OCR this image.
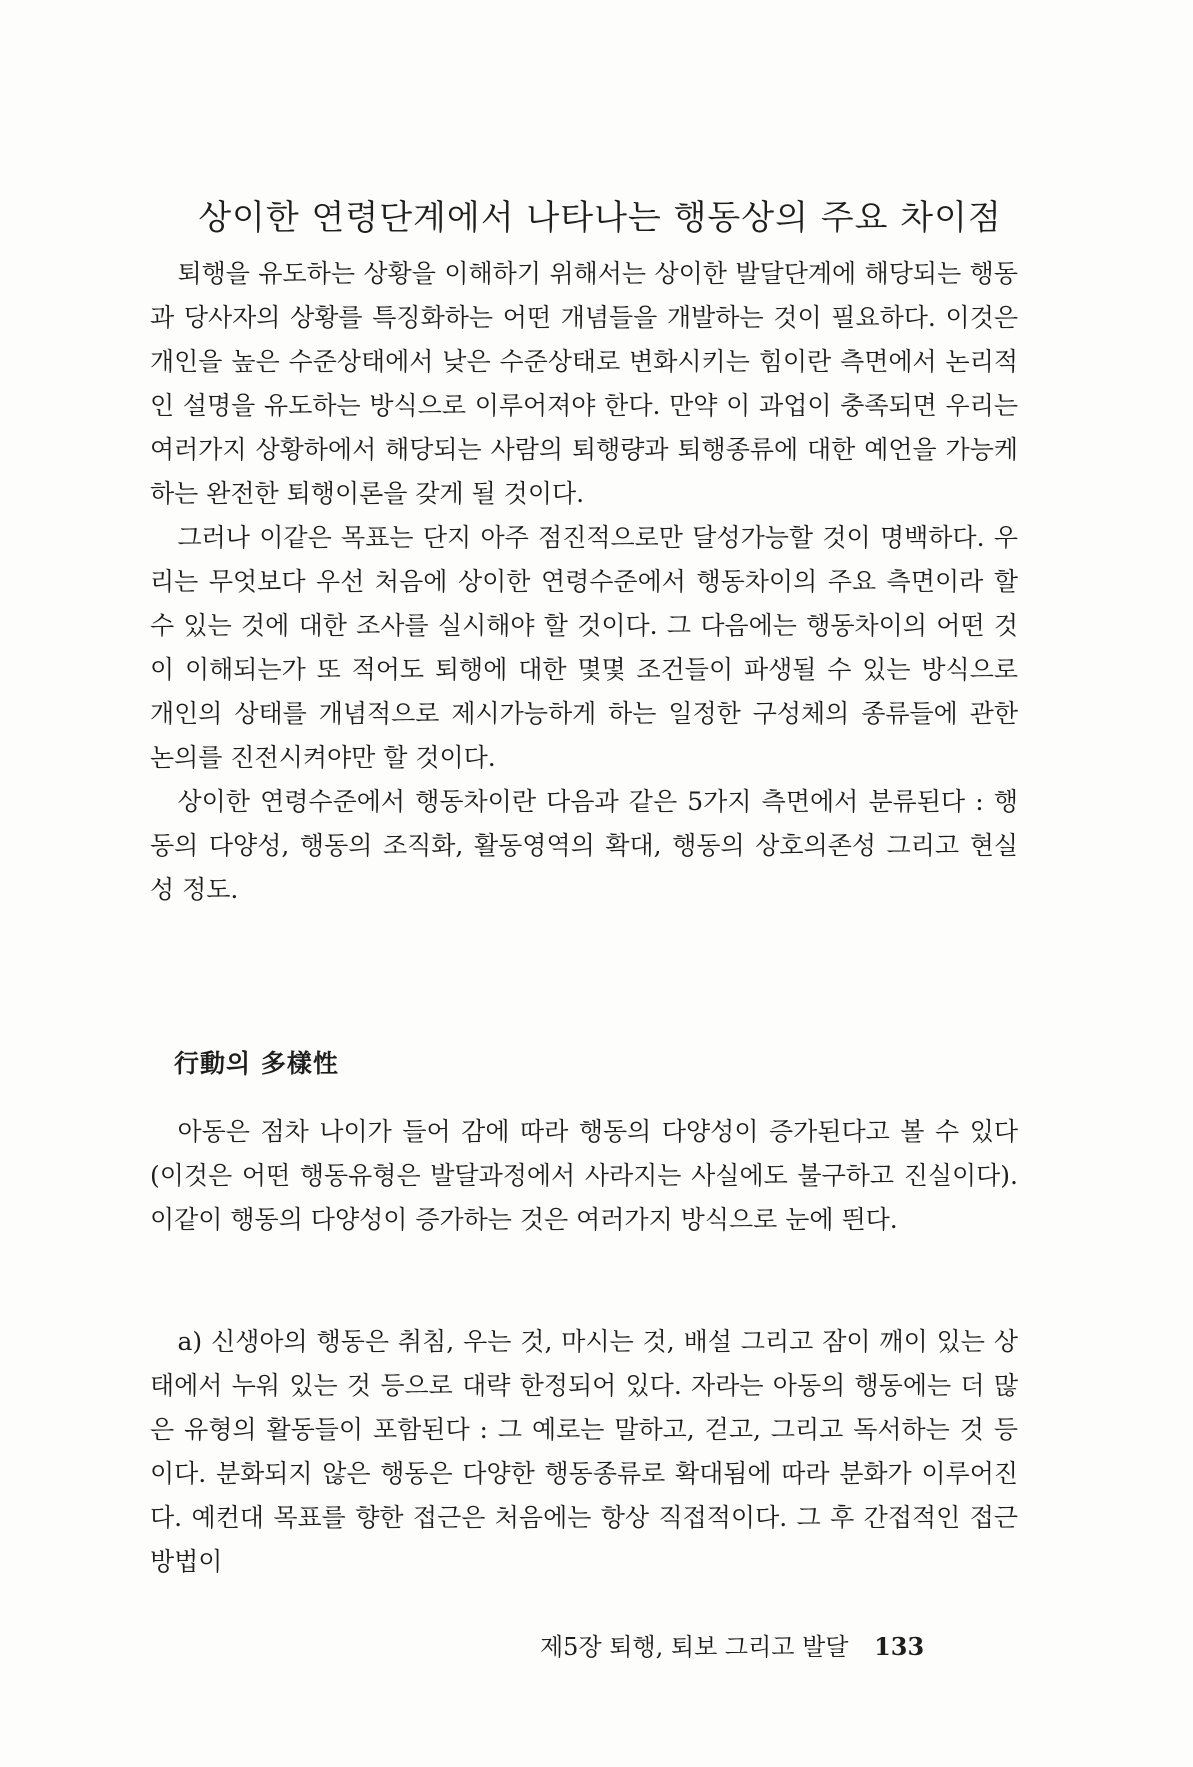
상이한 연령단계에서 나타나는 행동상의 주요 차이점

퇴행을 유도하는 상황을 이해하기 위해서는 상이한 발달단계에 해당되는 행동과 당사자의 상황를 특징화하는 어떤 개념들을 개발하는 것이 필요하다. 이것은 개인을 높은 수준상태에서 낮은 수준상태로 변화시키는 힘이란 측면에서 논리적인 설명을 유도하는 방식으로 이루어져야 한다. 만약 이 과업이 충족되면 우리는 여러가지 상황하에서 해당되는 사람의 퇴행량과 퇴행종류에 대한 예언을 가능케 하는 완전한 퇴행이론을 갖게 될 것이다.

그러나 이같은 목표는 단지 아주 점진적으로만 달성가능할 것이 명백하다. 우리는 무엇보다 우선 처음에 상이한 연령수준에서 행동차이의 주요 측면이라 할 수 있는 것에 대한 조사를 실시해야 할 것이다. 그 다음에는 행동차이의 어떤 것이 이해되는가 또 적어도 퇴행에 대한 몇몇 조건들이 파생될 수 있는 방식으로 개인의 상태를 개념적으로 제시가능하게 하는 일정한 구성체의 종류들에 관한 논의를 진전시켜야만 할 것이다.

상이한 연령수준에서 행동차이란 다음과 같은 5가지 측면에서 분류된다 : 행동의 다양성, 행동의 조직화, 활동영역의 확대, 행동의 상호의존성 그리고 현실성 정도.

行動의 多樣性

아동은 점차 나이가 들어 감에 따라 행동의 다양성이 증가된다고 볼 수 있다(이것은 어떤 행동유형은 발달과정에서 사라지는 사실에도 불구하고 진실이다). 이같이 행동의 다양성이 증가하는 것은 여러가지 방식으로 눈에 띈다.

a) 신생아의 행동은 취침, 우는 것, 마시는 것, 배설 그리고 잠이 깨이 있는 상태에서 누워 있는 것 등으로 대략 한정되어 있다. 자라는 아동의 행동에는 더 많은 유형의 활동들이 포함된다 : 그 예로는 말하고, 걷고, 그리고 독서하는 것 등이다. 분화되지 않은 행동은 다양한 행동종류로 확대됨에 따라 분화가 이루어진다. 예컨대 목표를 향한 접근은 처음에는 항상 직접적이다. 그 후 간접적인 접근 방법이

제5장 퇴행, 퇴보 그리고 발달 133
